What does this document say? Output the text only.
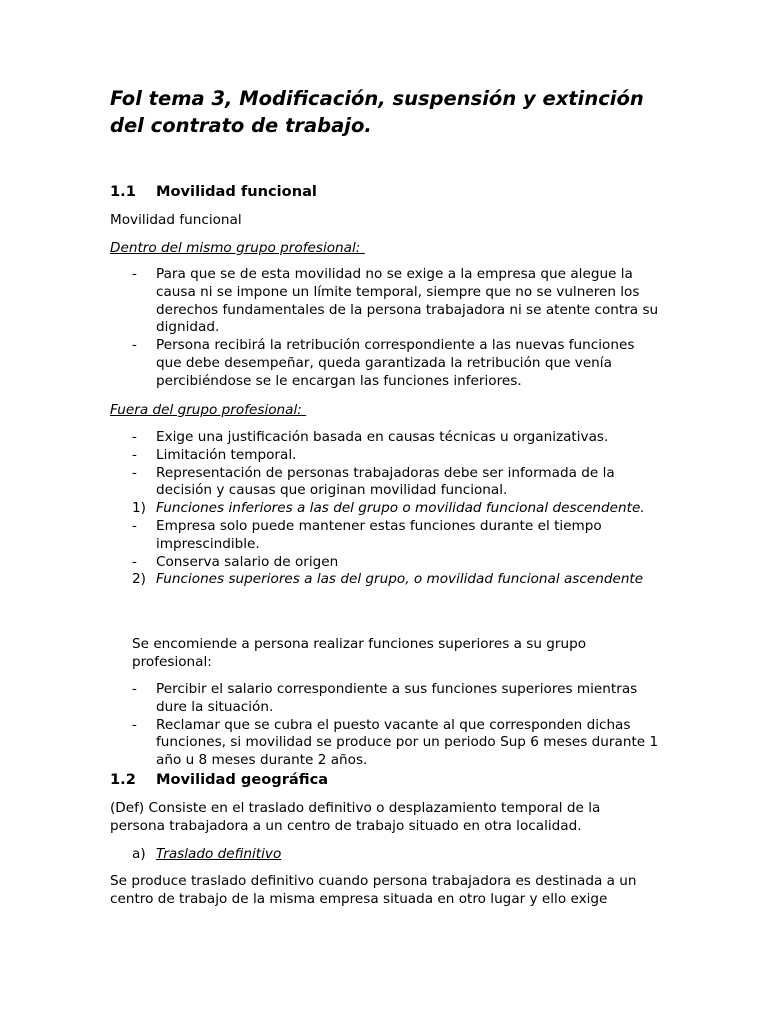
Fol tema 3, Modificación, suspensión y extinción del contrato de trabajo.
1.1 Movilidad funcional

Movilidad funcional

Dentro del mismo grupo profesional:

- Para que se de esta movilidad no se exige a la empresa que alegue la causa ni se impone un límite temporal, siempre que no se vulneren los derechos fundamentales de la persona trabajadora ni se atente contra su dignidad.
- Persona recibirá la retribución correspondiente a las nuevas funciones que debe desempeñar, queda garantizada la retribución que venía percibiéndose se le encargan las funciones inferiores.

Fuera del grupo profesional:

- Exige una justificación basada en causas técnicas u organizativas.
- Limitación temporal.
- Representación de personas trabajadoras debe ser informada de la decisión y causas que originan movilidad funcional.
1) Funciones inferiores a las del grupo o movilidad funcional descendente.
- Empresa solo puede mantener estas funciones durante el tiempo imprescindible.
- Conserva salario de origen
2) Funciones superiores a las del grupo, o movilidad funcional ascendente

Se encomiende a persona realizar funciones superiores a su grupo profesional:

- Percibir el salario correspondiente a sus funciones superiores mientras dure la situación.
- Reclamar que se cubra el puesto vacante al que corresponden dichas funciones, si movilidad se produce por un periodo Sup 6 meses durante 1 año u 8 meses durante 2 años.
1.2 Movilidad geográfica

(Def) Consiste en el traslado definitivo o desplazamiento temporal de la persona trabajadora a un centro de trabajo situado en otra localidad.

a) Traslado definitivo

Se produce traslado definitivo cuando persona trabajadora es destinada a un centro de trabajo de la misma empresa situada en otro lugar y ello exige
